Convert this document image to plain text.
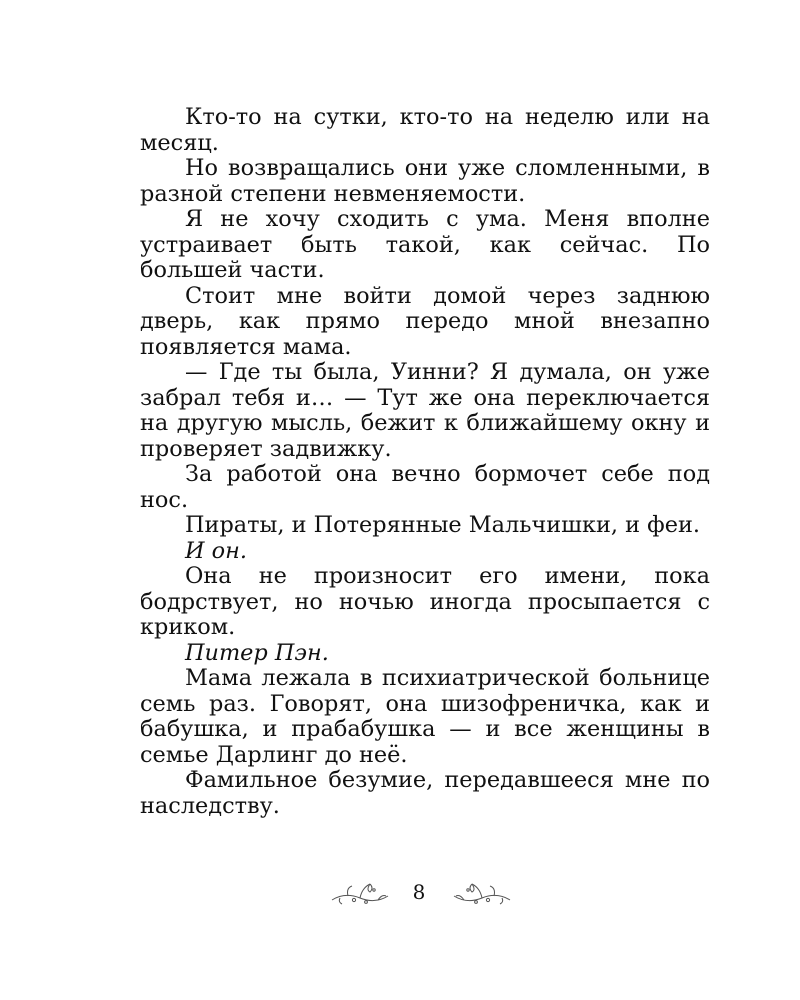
Кто-то на сутки, кто-то на неделю или на месяц.

Но возвращались они уже сломленными, в разной степени невменяемости.

Я не хочу сходить с ума. Меня вполне устраивает быть такой, как сейчас. По большей части.

Стоит мне войти домой через заднюю дверь, как прямо передо мной внезапно появляется мама.

— Где ты была, Уинни? Я думала, он уже забрал тебя и… — Тут же она переключается на другую мысль, бежит к ближайшему окну и проверяет задвижку.

За работой она вечно бормочет себе под нос.

Пираты, и Потерянные Мальчишки, и феи.

И он.

Она не произносит его имени, пока бодрствует, но ночью иногда просыпается с криком.

Питер Пэн.

Мама лежала в психиатрической больнице семь раз. Говорят, она шизофреничка, как и бабушка, и прабабушка — и все женщины в семье Дарлинг до неё.

Фамильное безумие, передавшееся мне по наследству.

8
